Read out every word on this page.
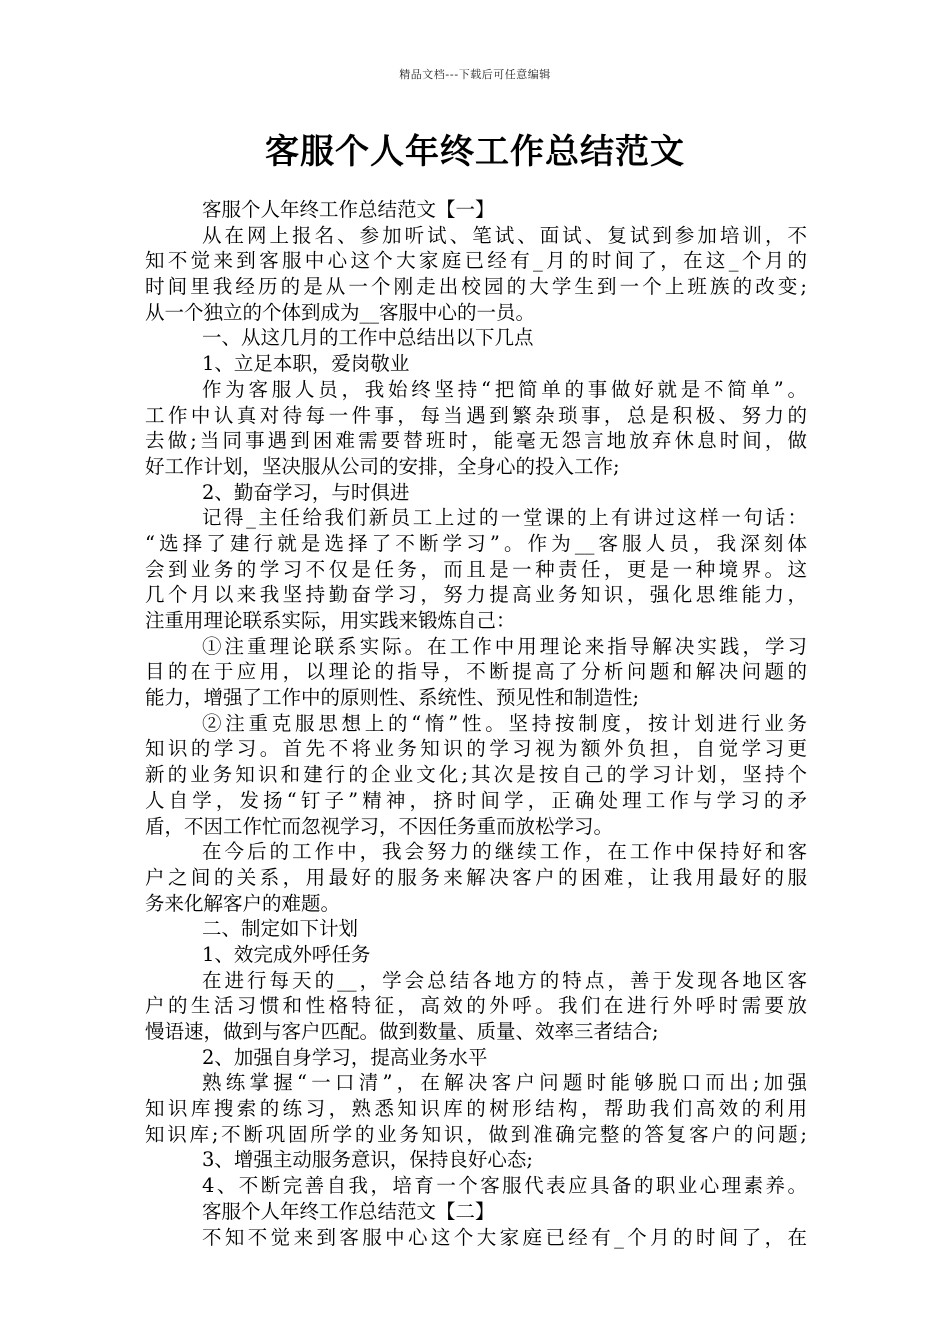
精品文档---下载后可任意编辑
客服个人年终工作总结范文
客服个人年终工作总结范文【一】
从在网上报名、参加听试、笔试、面试、复试到参加培训，不
知不觉来到客服中心这个大家庭已经有_月的时间了，在这_个月的
时间里我经历的是从一个刚走出校园的大学生到一个上班族的改变;
从一个独立的个体到成为__客服中心的一员。
一、从这几月的工作中总结出以下几点
1、立足本职，爱岗敬业
作为客服人员，我始终坚持“把简单的事做好就是不简单”。
工作中认真对待每一件事，每当遇到繁杂琐事，总是积极、努力的
去做;当同事遇到困难需要替班时，能毫无怨言地放弃休息时间，做
好工作计划，坚决服从公司的安排，全身心的投入工作;
2、勤奋学习，与时俱进
记得_主任给我们新员工上过的一堂课的上有讲过这样一句话：
“选择了建行就是选择了不断学习”。作为__客服人员，我深刻体
会到业务的学习不仅是任务，而且是一种责任，更是一种境界。这
几个月以来我坚持勤奋学习，努力提高业务知识，强化思维能力，
注重用理论联系实际，用实践来锻炼自己：
①注重理论联系实际。在工作中用理论来指导解决实践，学习
目的在于应用，以理论的指导，不断提高了分析问题和解决问题的
能力，增强了工作中的原则性、系统性、预见性和制造性;
②注重克服思想上的“惰”性。坚持按制度，按计划进行业务
知识的学习。首先不将业务知识的学习视为额外负担，自觉学习更
新的业务知识和建行的企业文化;其次是按自己的学习计划，坚持个
人自学，发扬“钉子”精神，挤时间学，正确处理工作与学习的矛
盾，不因工作忙而忽视学习，不因任务重而放松学习。
在今后的工作中，我会努力的继续工作，在工作中保持好和客
户之间的关系，用最好的服务来解决客户的困难，让我用最好的服
务来化解客户的难题。
二、制定如下计划
1、效完成外呼任务
在进行每天的__，学会总结各地方的特点，善于发现各地区客
户的生活习惯和性格特征，高效的外呼。我们在进行外呼时需要放
慢语速，做到与客户匹配。做到数量、质量、效率三者结合;
2、加强自身学习，提高业务水平
熟练掌握“一口清”，在解决客户问题时能够脱口而出;加强
知识库搜索的练习，熟悉知识库的树形结构，帮助我们高效的利用
知识库;不断巩固所学的业务知识，做到准确完整的答复客户的问题;
3、增强主动服务意识，保持良好心态;
4、不断完善自我，培育一个客服代表应具备的职业心理素养。
客服个人年终工作总结范文【二】
不知不觉来到客服中心这个大家庭已经有_个月的时间了，在
